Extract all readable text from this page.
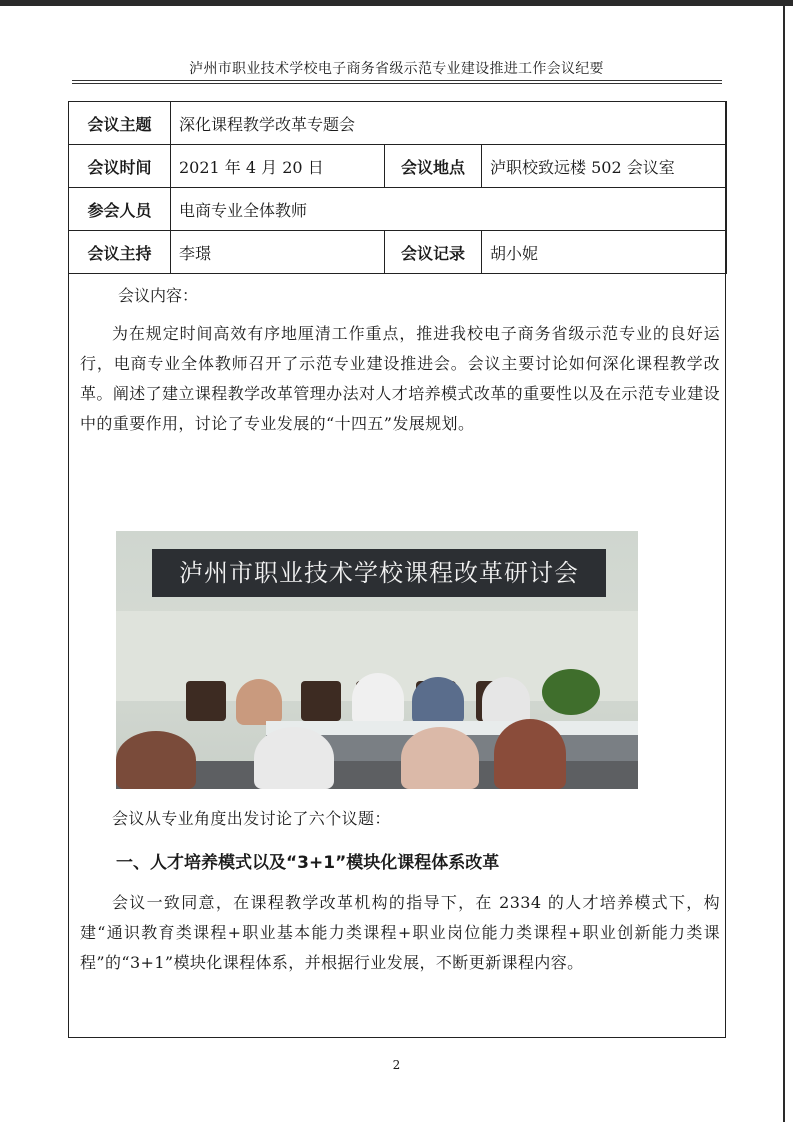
泸州市职业技术学校电子商务省级示范专业建设推进工作会议纪要
会议主题	深化课程教学改革专题会		
会议时间	2021 年 4 月 20 日	会议地点	泸职校致远楼 502 会议室
参会人员	电商专业全体教师		
会议主持	李璟	会议记录	胡小妮
会议内容：

为在规定时间高效有序地厘清工作重点，推进我校电子商务省级示范专业的良好运行，电商专业全体教师召开了示范专业建设推进会。会议主要讨论如何深化课程教学改革。阐述了建立课程教学改革管理办法对人才培养模式改革的重要性以及在示范专业建设中的重要作用，讨论了专业发展的“十四五”发展规划。

泸州市职业技术学校课程改革研讨会

会议从专业角度出发讨论了六个议题：

一、人才培养模式以及“3+1”模块化课程体系改革

会议一致同意，在课程教学改革机构的指导下，在 2334 的人才培养模式下，构建“通识教育类课程+职业基本能力类课程+职业岗位能力类课程+职业创新能力类课程”的“3+1”模块化课程体系，并根据行业发展，不断更新课程内容。

2
